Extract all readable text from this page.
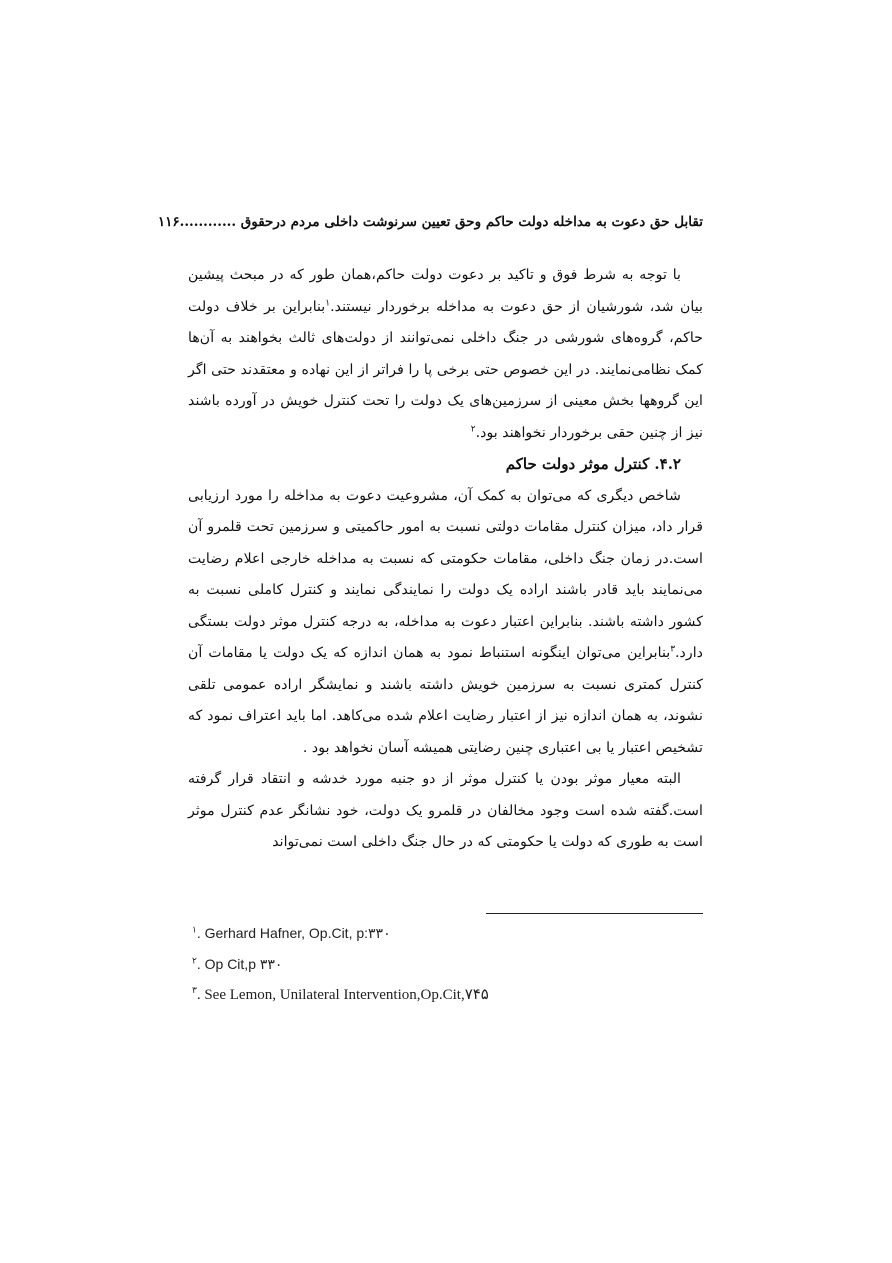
تقابل حق دعوت به مداخله دولت حاکم وحق تعیین سرنوشت داخلی مردم درحقوق ............۱۱۶

با توجه به شرط فوق و تاکید بر دعوت دولت حاکم،همان طور که در مبحث پیشین بیان شد، شورشیان از حق دعوت به مداخله برخوردار نیستند.$^۱$بنابراین بر خلاف دولت حاکم، گروه‌های شورشی در جنگ داخلی نمی‌توانند از دولت‌های ثالث بخواهند به آن‌ها کمک نظامی‌نمایند. در این خصوص حتی برخی پا را فراتر از این نهاده و معتقدند حتی اگر این گروهها بخش معینی از سرزمین‌های یک دولت را تحت کنترل خویش در آورده باشند نیز از چنین حقی برخوردار نخواهند بود.$^۲$

۴.۲. کنترل موثر دولت حاکم

شاخص دیگری که می‌توان به کمک آن، مشروعیت دعوت به مداخله را مورد ارزیابی قرار داد، میزان کنترل مقامات دولتی نسبت به امور حاکمیتی و سرزمین تحت قلمرو آن است.در زمان جنگ داخلی، مقامات حکومتی که نسبت به مداخله خارجی اعلام رضایت می‌نمایند باید قادر باشند اراده یک دولت را نمایندگی نمایند و کنترل کاملی نسبت به کشور داشته باشند. بنابراین اعتبار دعوت به مداخله، به درجه کنترل موثر دولت بستگی دارد.$^۳$بنابراین می‌توان اینگونه استنباط نمود به همان اندازه که یک دولت یا مقامات آن کنترل کمتری نسبت به سرزمین خویش داشته باشند و نمایشگر اراده عمومی تلقی نشوند، به همان اندازه نیز از اعتبار رضایت اعلام شده می‌کاهد. اما باید اعتراف نمود که تشخیص اعتبار یا بی اعتباری چنین رضایتی همیشه آسان نخواهد بود .

البته معیار موثر بودن یا کنترل موثر از دو جنبه مورد خدشه و انتقاد قرار گرفته است.گفته شده است وجود مخالفان در قلمرو یک دولت، خود نشانگر عدم کنترل موثر است به طوری که دولت یا حکومتی که در حال جنگ داخلی است نمی‌تواند

$^۱$. Gerhard Hafner, Op.Cit, p:۳۳۰
$^۲$. Op Cit,p ۳۳۰
$^۳$. See Lemon, Unilateral Intervention,Op.Cit,۷۴۵
